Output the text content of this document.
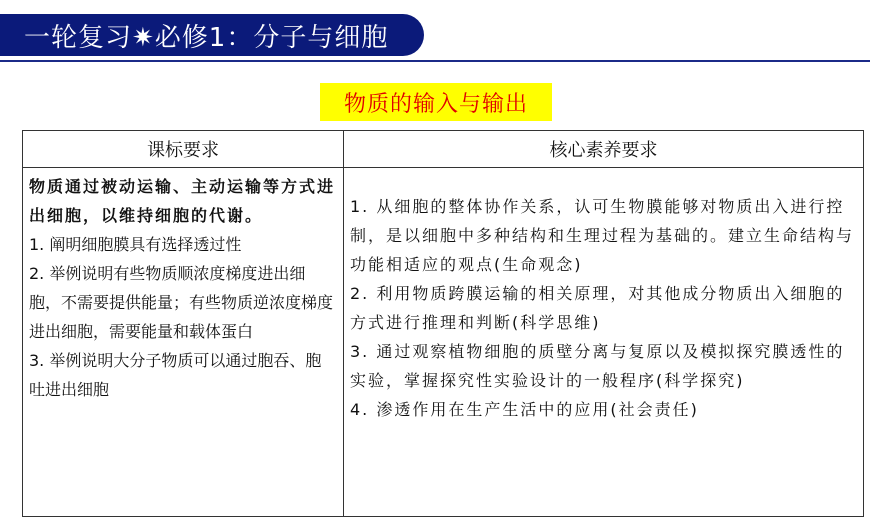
一轮复习✷必修1：分子与细胞
物质的输入与输出
课标要求	核心素养要求

物质通过被动运输、主动运输等方式进出细胞，以维持细胞的代谢。
1. 阐明细胞膜具有选择透过性
2. 举例说明有些物质顺浓度梯度进出细胞，不需要提供能量；有些物质逆浓度梯度进出细胞，需要能量和载体蛋白
3. 举例说明大分子物质可以通过胞吞、胞吐进出细胞	1. 从细胞的整体协作关系，认可生物膜能够对物质出入进行控制，是以细胞中多种结构和生理过程为基础的。建立生命结构与功能相适应的观点(生命观念)
2. 利用物质跨膜运输的相关原理，对其他成分物质出入细胞的方式进行推理和判断(科学思维)
3. 通过观察植物细胞的质壁分离与复原以及模拟探究膜透性的实验，掌握探究性实验设计的一般程序(科学探究)
4. 渗透作用在生产生活中的应用(社会责任)
